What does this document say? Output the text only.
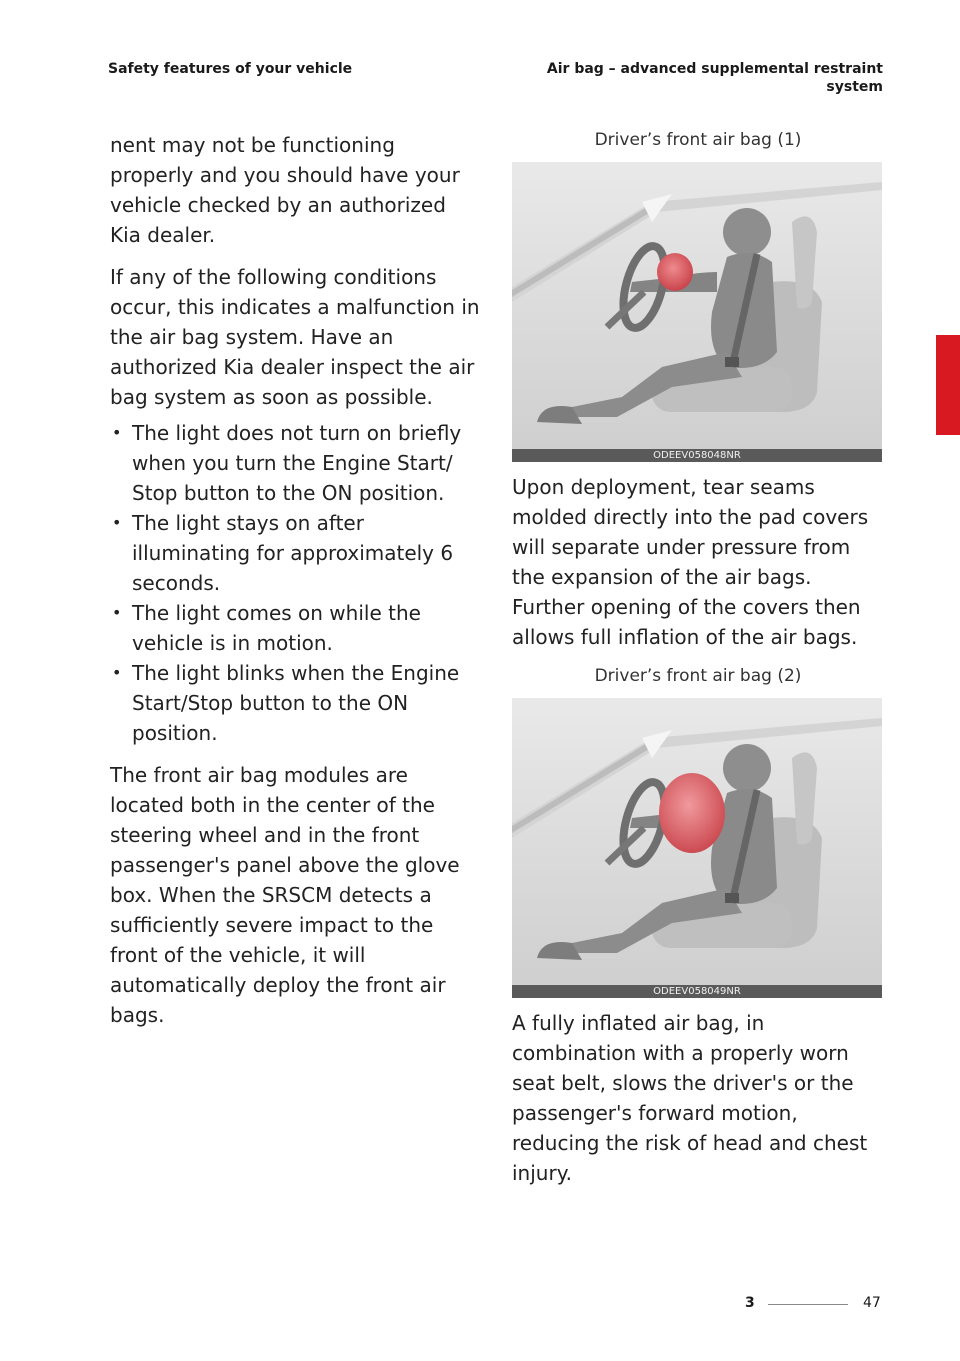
Safety features of your vehicle	Air bag – advanced supplemental restraint
system

nent may not be functioning properly and you should have your vehicle checked by an authorized Kia dealer.

If any of the following conditions occur, this indicates a malfunction in the air bag system. Have an authorized Kia dealer inspect the air bag system as soon as possible.

• The light does not turn on briefly when you turn the Engine Start/ Stop button to the ON position.
• The light stays on after illuminating for approximately 6 seconds.
• The light comes on while the vehicle is in motion.
• The light blinks when the Engine Start/Stop button to the ON position.

The front air bag modules are located both in the center of the steering wheel and in the front passenger's panel above the glove box. When the SRSCM detects a sufficiently severe impact to the front of the vehicle, it will automatically deploy the front air bags.

Driver’s front air bag (1)
ODEEV058048NR

Upon deployment, tear seams molded directly into the pad covers will separate under pressure from the expansion of the air bags. Further opening of the covers then allows full inflation of the air bags.

Driver’s front air bag (2)
ODEEV058049NR

A fully inflated air bag, in combination with a properly worn seat belt, slows the driver's or the passenger's forward motion, reducing the risk of head and chest injury.

3
3	47
